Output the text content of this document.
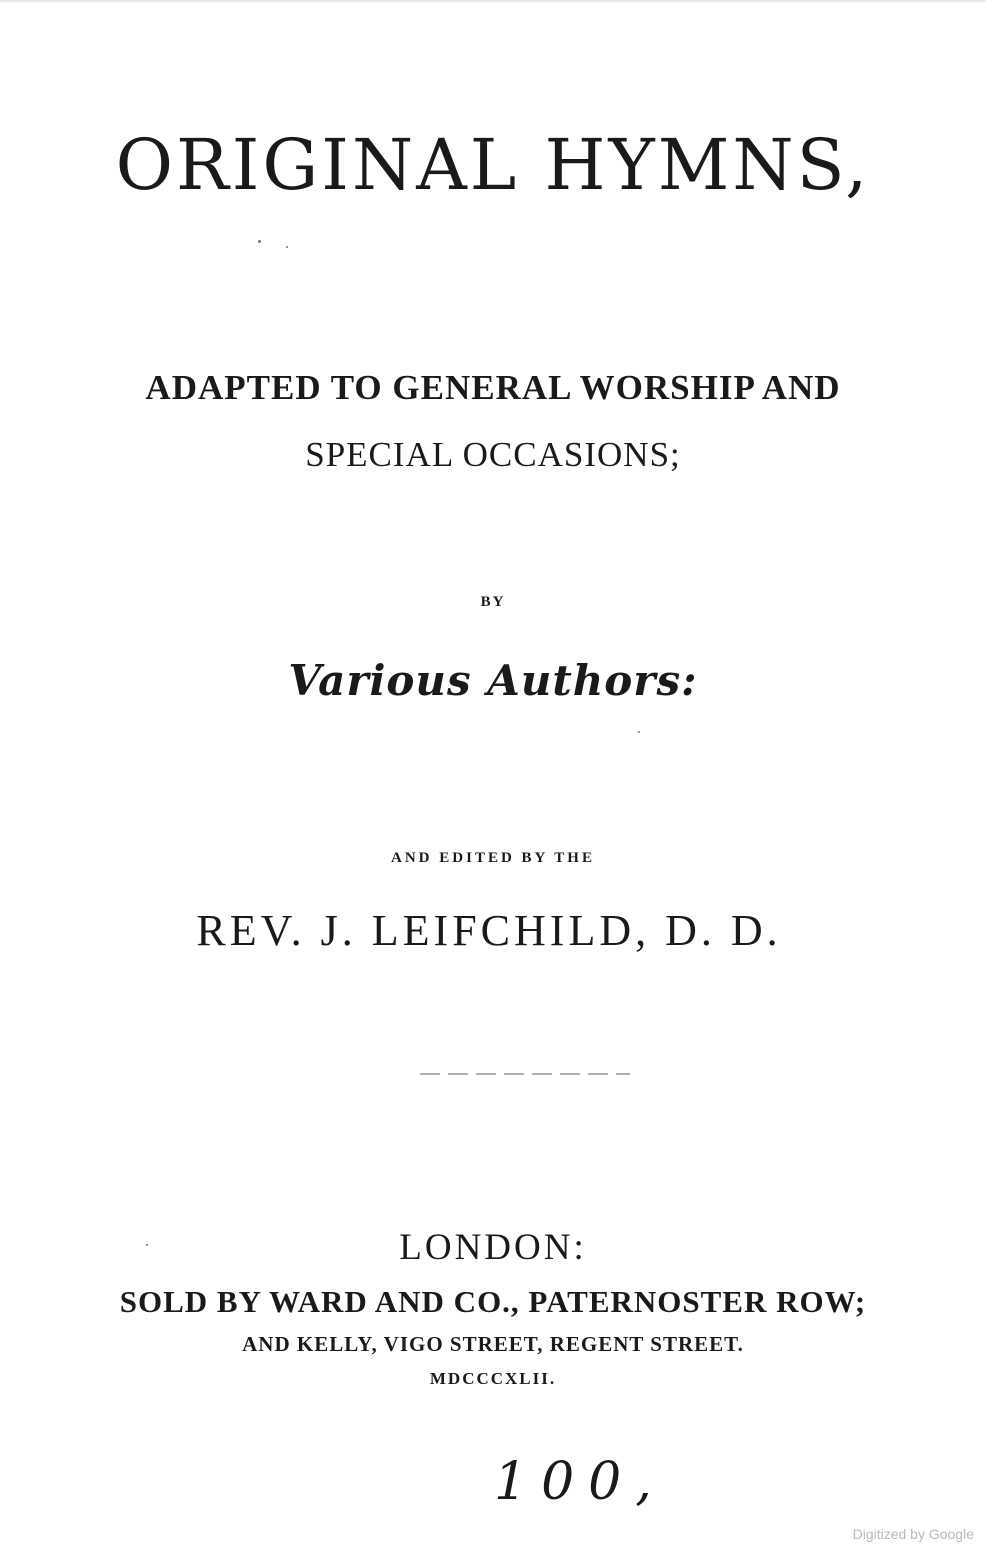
ORIGINAL HYMNS,
ADAPTED TO GENERAL WORSHIP AND
SPECIAL OCCASIONS;
BY
Various Authors:
AND EDITED BY THE
REV. J. LEIFCHILD, D. D.
LONDON:
SOLD BY WARD AND CO., PATERNOSTER ROW;
AND KELLY, VIGO STREET, REGENT STREET.
MDCCCXLII.
100,
Digitized by Google
